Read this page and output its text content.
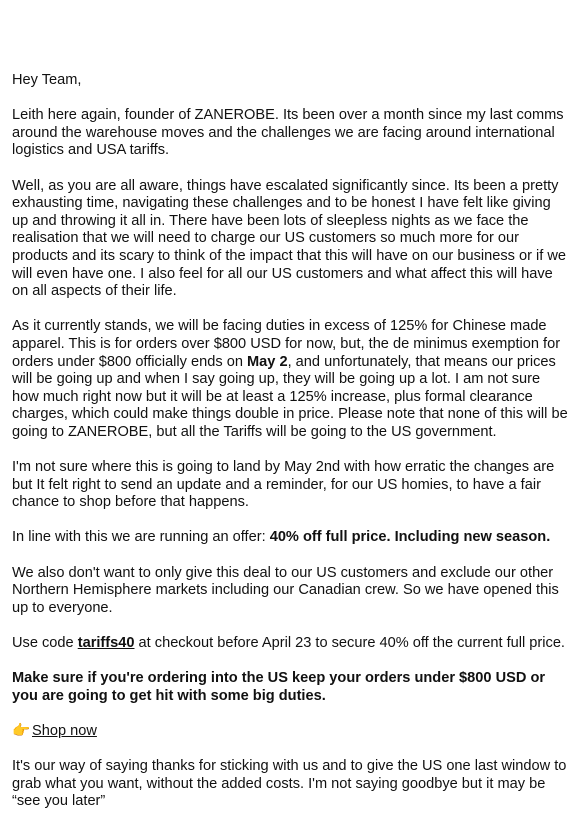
Hey Team,

Leith here again, founder of ZANEROBE. Its been over a month since my last comms around the warehouse moves and the challenges we are facing around international logistics and USA tariffs.

Well, as you are all aware, things have escalated significantly since. Its been a pretty exhausting time, navigating these challenges and to be honest I have felt like giving up and throwing it all in. There have been lots of sleepless nights as we face the realisation that we will need to charge our US customers so much more for our products and its scary to think of the impact that this will have on our business or if we will even have one. I also feel for all our US customers and what affect this will have on all aspects of their life.

As it currently stands, we will be facing duties in excess of 125% for Chinese made apparel. This is for orders over $800 USD for now, but, the de minimus exemption for orders under $800 officially ends on May 2, and unfortunately, that means our prices will be going up and when I say going up, they will be going up a lot. I am not sure how much right now but it will be at least a 125% increase, plus formal clearance charges, which could make things double in price. Please note that none of this will be going to ZANEROBE, but all the Tariffs will be going to the US government.

I'm not sure where this is going to land by May 2nd with how erratic the changes are but It felt right to send an update and a reminder, for our US homies, to have a fair chance to shop before that happens.

In line with this we are running an offer: 40% off full price. Including new season.

We also don't want to only give this deal to our US customers and exclude our other Northern Hemisphere markets including our Canadian crew. So we have opened this up to everyone.

Use code tariffs40 at checkout before April 23 to secure 40% off the current full price.

Make sure if you're ordering into the US keep your orders under $800 USD or you are going to get hit with some big duties.

👉 Shop now

It's our way of saying thanks for sticking with us and to give the US one last window to grab what you want, without the added costs. I'm not saying goodbye but it may be “see you later”
